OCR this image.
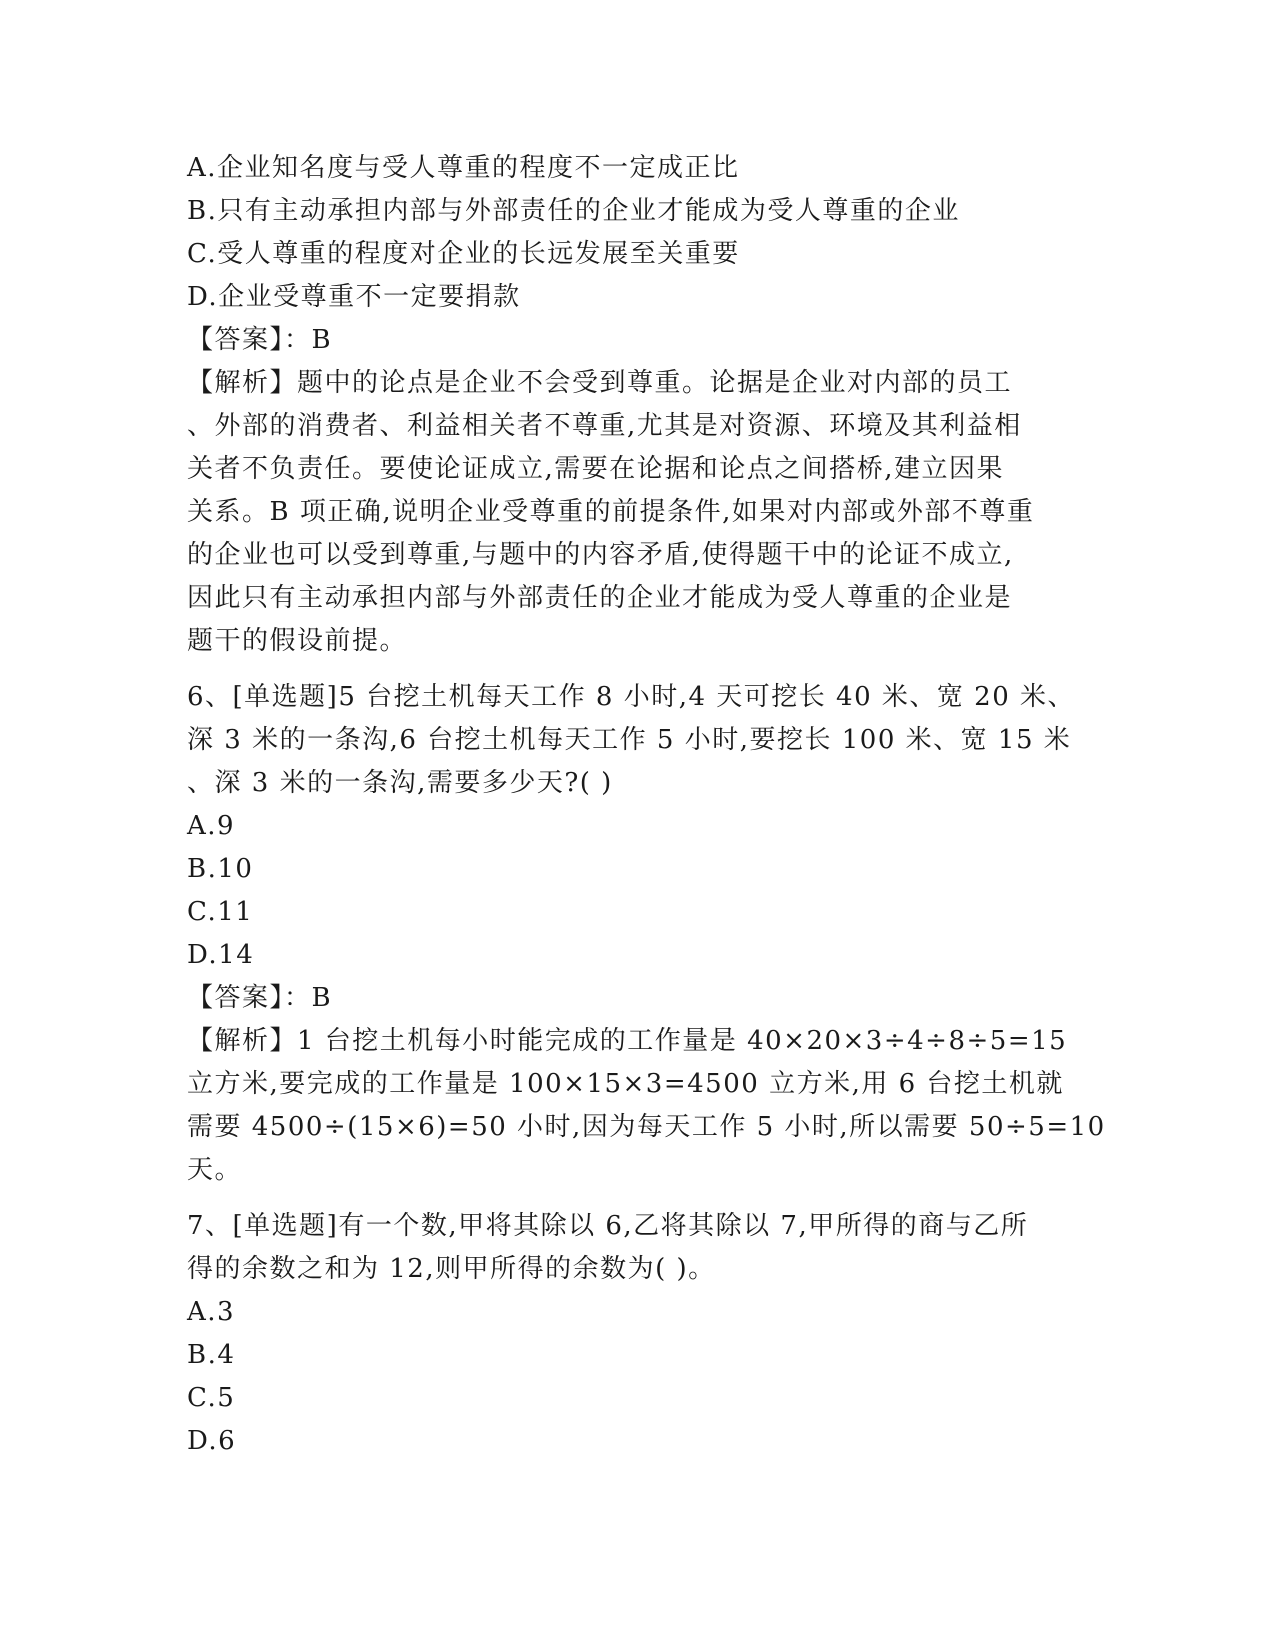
A.企业知名度与受人尊重的程度不一定成正比
B.只有主动承担内部与外部责任的企业才能成为受人尊重的企业
C.受人尊重的程度对企业的长远发展至关重要
D.企业受尊重不一定要捐款
【答案】：B
【解析】题中的论点是企业不会受到尊重。论据是企业对内部的员工
、外部的消费者、利益相关者不尊重,尤其是对资源、环境及其利益相
关者不负责任。要使论证成立,需要在论据和论点之间搭桥,建立因果
关系。B 项正确,说明企业受尊重的前提条件,如果对内部或外部不尊重
的企业也可以受到尊重,与题中的内容矛盾,使得题干中的论证不成立,
因此只有主动承担内部与外部责任的企业才能成为受人尊重的企业是
题干的假设前提。
6、[单选题]5 台挖土机每天工作 8 小时,4 天可挖长 40 米、宽 20 米、
深 3 米的一条沟,6 台挖土机每天工作 5 小时,要挖长 100 米、宽 15 米
、深 3 米的一条沟,需要多少天?( )
A.9
B.10
C.11
D.14
【答案】：B
【解析】1 台挖土机每小时能完成的工作量是 40×20×3÷4÷8÷5=15
立方米,要完成的工作量是 100×15×3=4500 立方米,用 6 台挖土机就
需要 4500÷(15×6)=50 小时,因为每天工作 5 小时,所以需要 50÷5=10
天。
7、[单选题]有一个数,甲将其除以 6,乙将其除以 7,甲所得的商与乙所
得的余数之和为 12,则甲所得的余数为( )。
A.3
B.4
C.5
D.6
